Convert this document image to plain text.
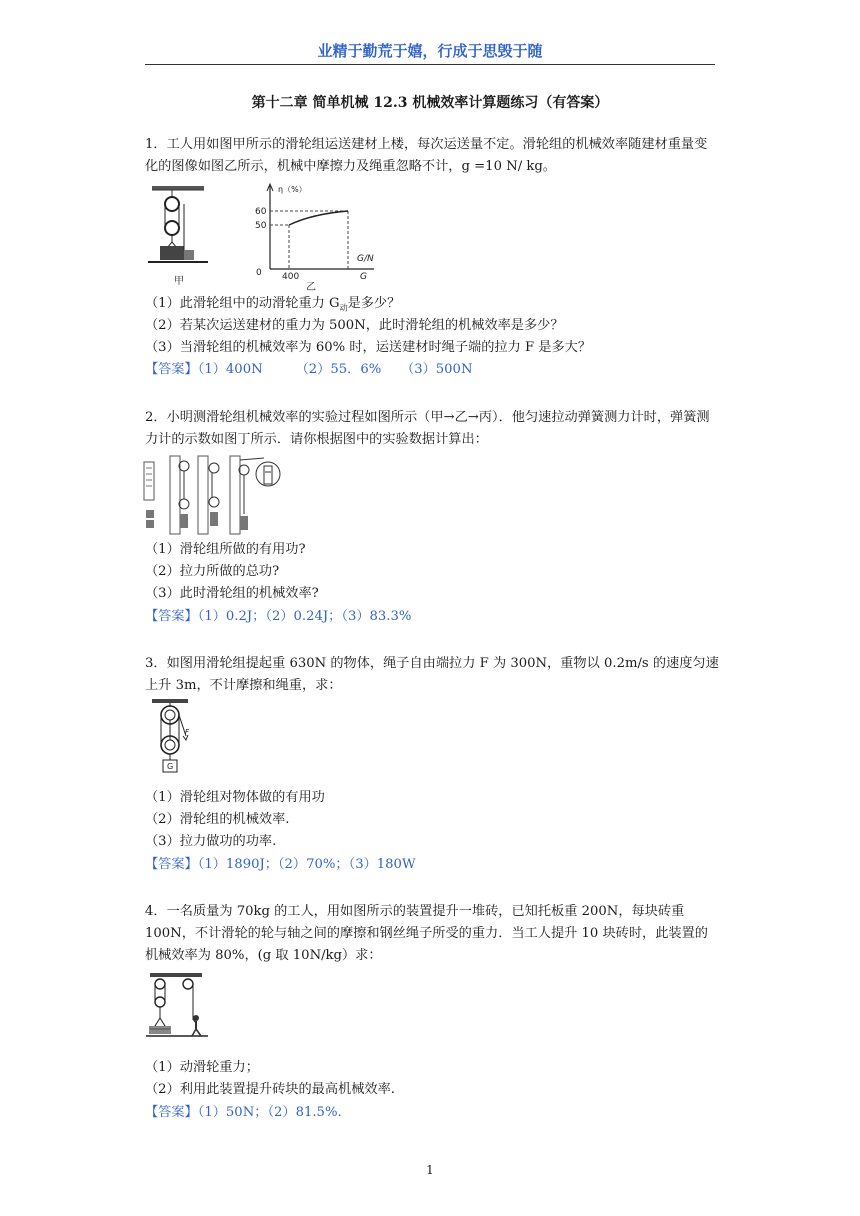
业精于勤荒于嬉，行成于思毁于随
第十二章 简单机械 12.3 机械效率计算题练习（有答案）
1．工人用如图甲所示的滑轮组运送建材上楼，每次运送量不定。滑轮组的机械效率随建材重量变化的图像如图乙所示，机械中摩擦力及绳重忽略不计，g =10 N/ kg。
甲
η（%）
60
50
0 400
G/N
G
乙
（1）此滑轮组中的动滑轮重力 $G_动$是多少？
（2）若某次运送建材的重力为 500N，此时滑轮组的机械效率是多少？
（3）当滑轮组的机械效率为 60% 时，运送建材时绳子端的拉力 F 是多大？
【答案】（1）400N　　　（2）55．6%　　（3）500N
2．小明测滑轮组机械效率的实验过程如图所示（甲→乙→丙）．他匀速拉动弹簧测力计时，弹簧测力计的示数如图丁所示．请你根据图中的实验数据计算出：
（1）滑轮组所做的有用功?
（2）拉力所做的总功?
（3）此时滑轮组的机械效率?
【答案】（1）0.2J；（2）0.24J；（3）83.3%
3．如图用滑轮组提起重 630N 的物体，绳子自由端拉力 F 为 300N，重物以 0.2m/s 的速度匀速上升 3m，不计摩擦和绳重，求：
F
G
（1）滑轮组对物体做的有用功
（2）滑轮组的机械效率.
（3）拉力做功的功率.
【答案】（1）1890J；（2）70%；（3）180W
4．一名质量为 70kg 的工人，用如图所示的装置提升一堆砖，已知托板重 200N，每块砖重 100N，不计滑轮的轮与轴之间的摩擦和钢丝绳子所受的重力．当工人提升 10 块砖时，此装置的机械效率为 80%，(g 取 10N/kg）求：
（1）动滑轮重力；
（2）利用此装置提升砖块的最高机械效率.
【答案】（1）50N；（2）81.5%.
1
